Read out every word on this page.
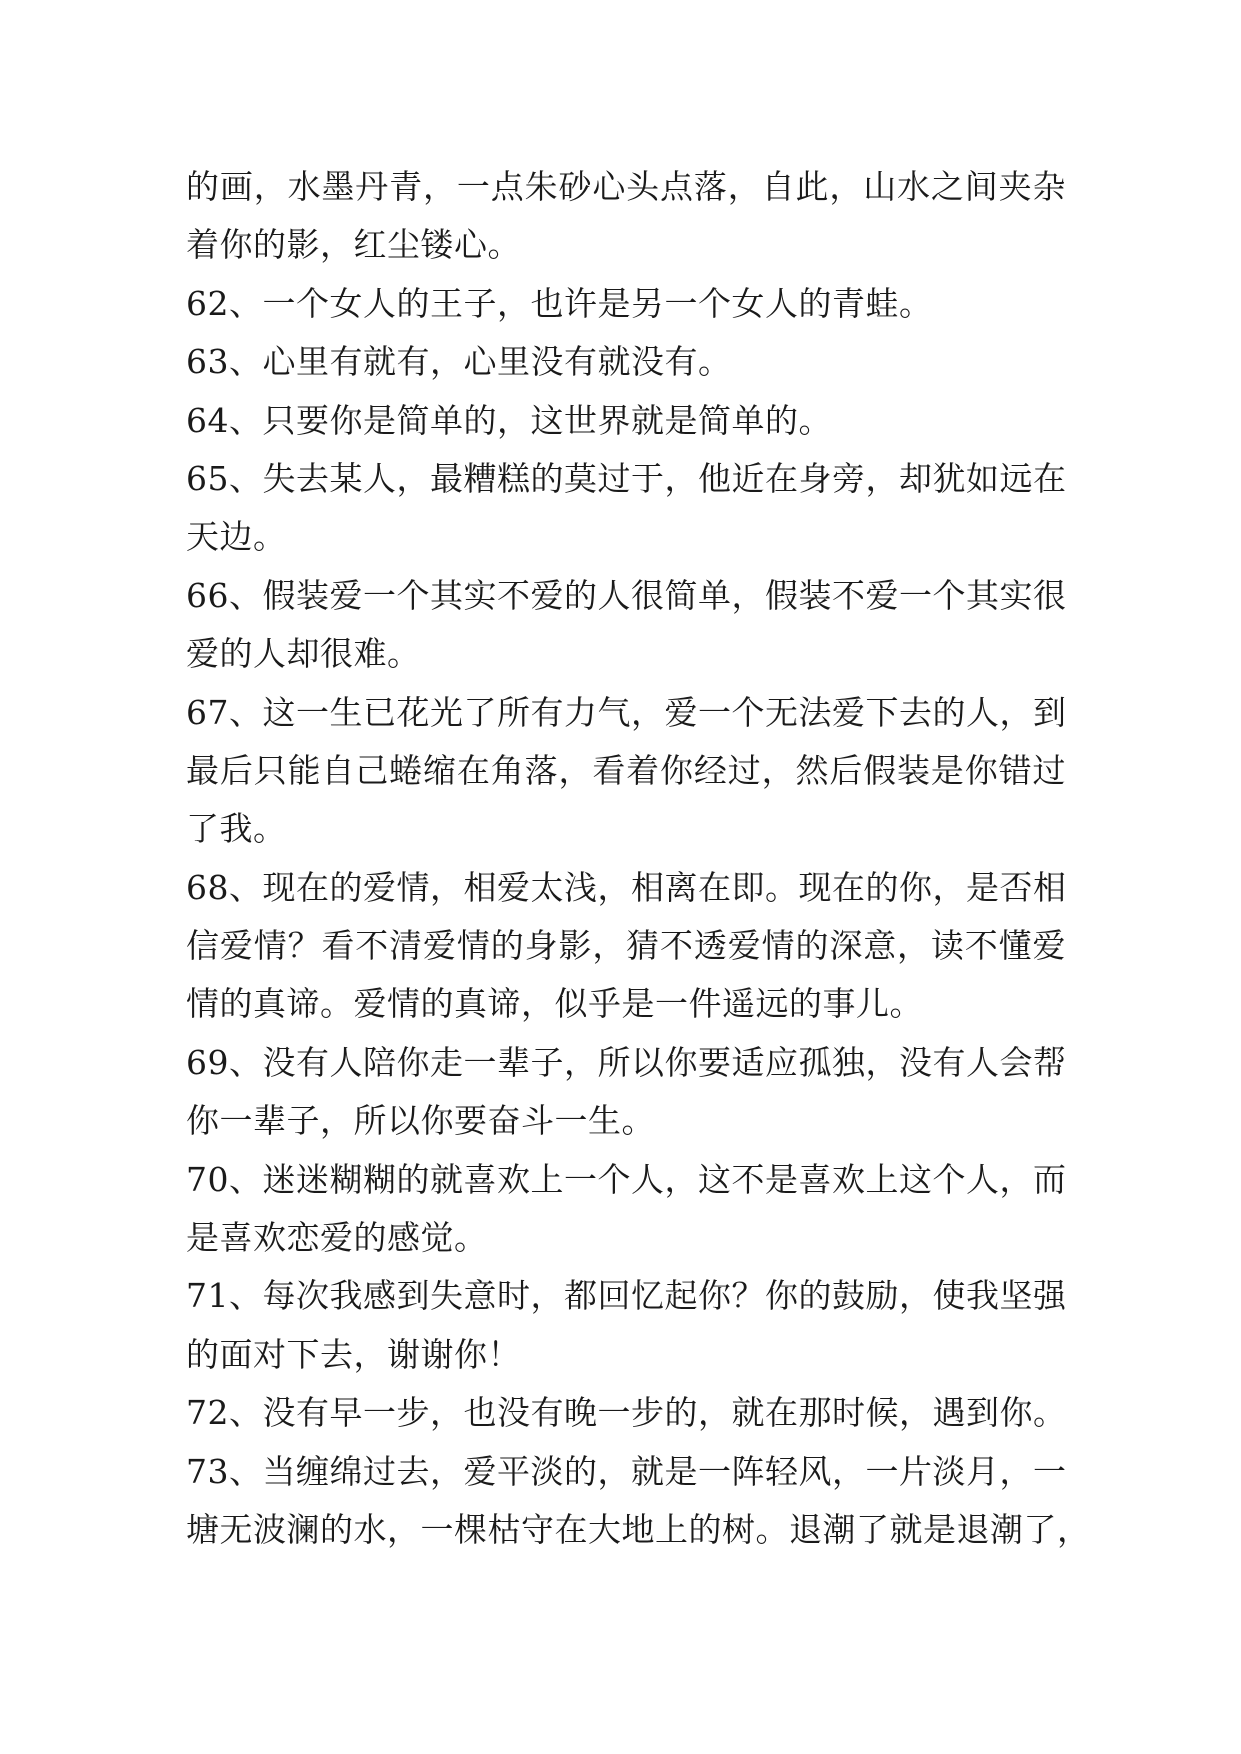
的画，水墨丹青，一点朱砂心头点落，自此，山水之间夹杂
着你的影，红尘镂心。
62、一个女人的王子，也许是另一个女人的青蛙。
63、心里有就有，心里没有就没有。
64、只要你是简单的，这世界就是简单的。
65、失去某人，最糟糕的莫过于，他近在身旁，却犹如远在
天边。
66、假装爱一个其实不爱的人很简单，假装不爱一个其实很
爱的人却很难。
67、这一生已花光了所有力气，爱一个无法爱下去的人，到
最后只能自己蜷缩在角落，看着你经过，然后假装是你错过
了我。
68、现在的爱情，相爱太浅，相离在即。现在的你，是否相
信爱情？看不清爱情的身影，猜不透爱情的深意，读不懂爱
情的真谛。爱情的真谛，似乎是一件遥远的事儿。
69、没有人陪你走一辈子，所以你要适应孤独，没有人会帮
你一辈子，所以你要奋斗一生。
70、迷迷糊糊的就喜欢上一个人，这不是喜欢上这个人，而
是喜欢恋爱的感觉。
71、每次我感到失意时，都回忆起你？你的鼓励，使我坚强
的面对下去，谢谢你！
72、没有早一步，也没有晚一步的，就在那时候，遇到你。
73、当缠绵过去，爱平淡的，就是一阵轻风，一片淡月，一
塘无波澜的水，一棵枯守在大地上的树。退潮了就是退潮了，
